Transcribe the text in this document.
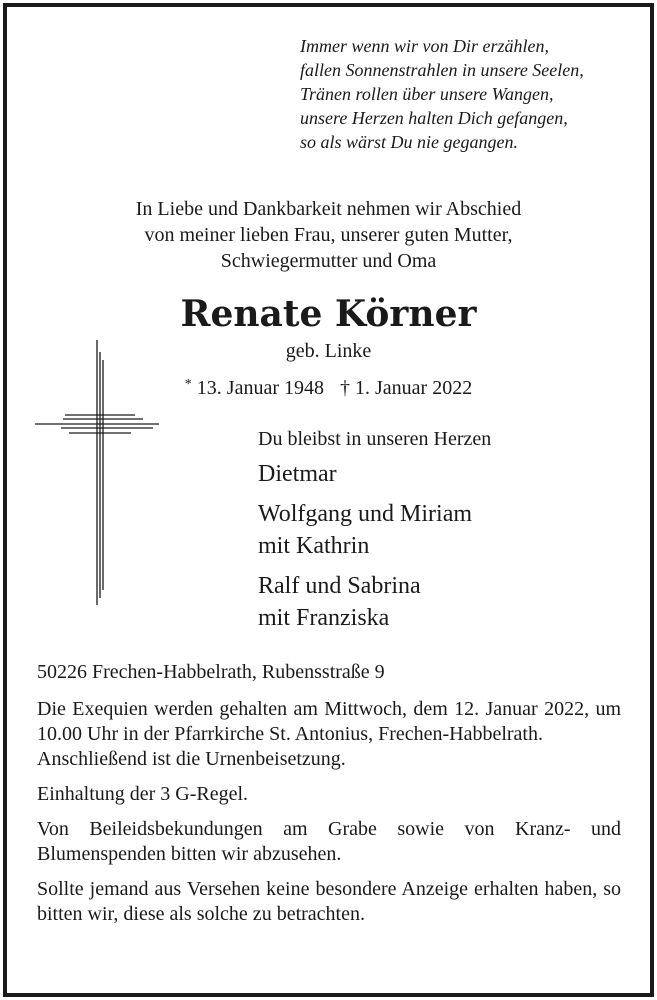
Immer wenn wir von Dir erzählen,
fallen Sonnenstrahlen in unsere Seelen,
Tränen rollen über unsere Wangen,
unsere Herzen halten Dich gefangen,
so als wärst Du nie gegangen.
In Liebe und Dankbarkeit nehmen wir Abschied
von meiner lieben Frau, unserer guten Mutter,
Schwiegermutter und Oma
Renate Körner
geb. Linke
* 13. Januar 1948 † 1. Januar 2022
Du bleibst in unseren Herzen
Dietmar
Wolfgang und Miriam
mit Kathrin
Ralf und Sabrina
mit Franziska

50226 Frechen-Habbelrath, Rubensstraße 9

Die Exequien werden gehalten am Mittwoch, dem 12. Januar 2022, um 10.00 Uhr in der Pfarrkirche St. Antonius, Frechen-Habbelrath.

Anschließend ist die Urnenbeisetzung.

Einhaltung der 3 G-Regel.

Von Beileidsbekundungen am Grabe sowie von Kranz- und Blumenspenden bitten wir abzusehen.

Sollte jemand aus Versehen keine besondere Anzeige erhalten haben, so bitten wir, diese als solche zu betrachten.
